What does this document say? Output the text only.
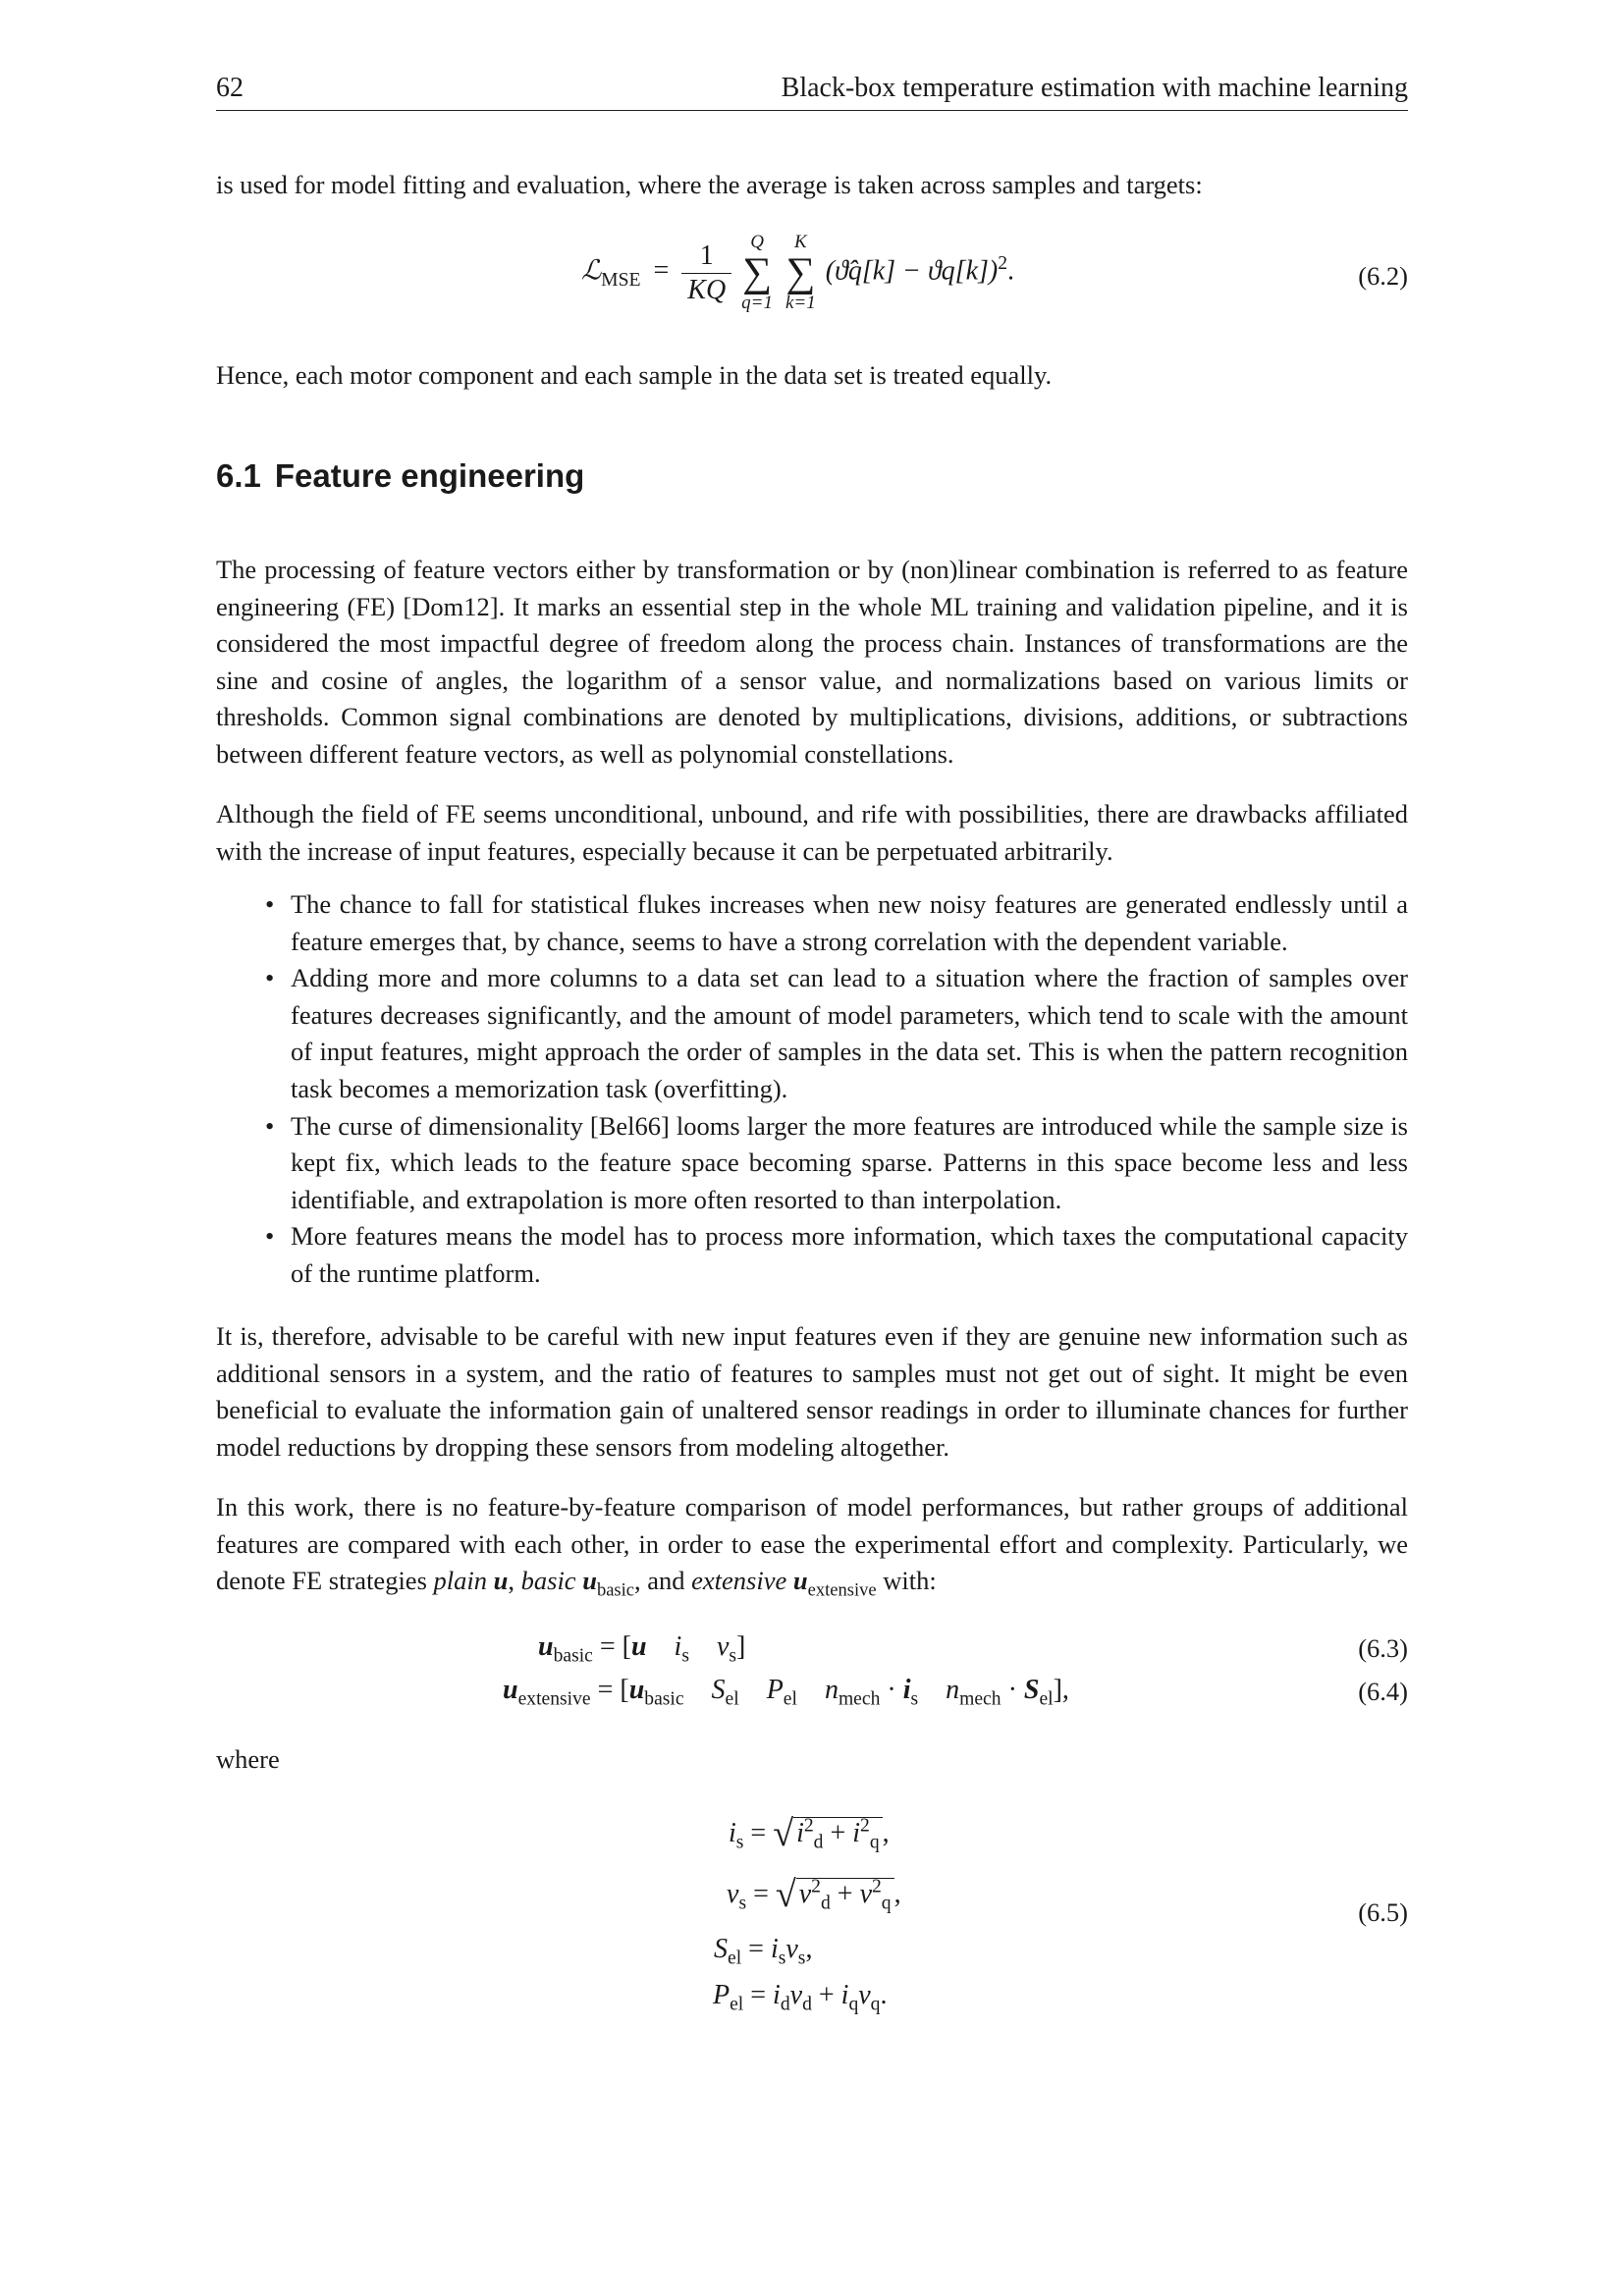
62	Black-box temperature estimation with machine learning

is used for model fitting and evaluation, where the average is taken across samples and targets:

ℒ$_{MSE}$ = $\frac{1}{KQ}$
	Q
∑
q=1

K
∑
k=1
(ϑ̂q[k] − ϑq[k])$^2$.	(6.2)

Hence, each motor component and each sample in the data set is treated equally.

6.1 Feature engineering

The processing of feature vectors either by transformation or by (non)linear combination is referred to as feature engineering (FE) [Dom12]. It marks an essential step in the whole ML training and validation pipeline, and it is considered the most impactful degree of freedom along the process chain. Instances of transformations are the sine and cosine of angles, the logarithm of a sensor value, and normalizations based on various limits or thresholds. Common signal combinations are denoted by multiplications, divisions, additions, or subtractions between different feature vectors, as well as polynomial constellations.

Although the field of FE seems unconditional, unbound, and rife with possibilities, there are drawbacks affiliated with the increase of input features, especially because it can be perpetuated arbitrarily.

• The chance to fall for statistical flukes increases when new noisy features are generated endlessly until a feature emerges that, by chance, seems to have a strong correlation with the dependent variable.
• Adding more and more columns to a data set can lead to a situation where the fraction of samples over features decreases significantly, and the amount of model parameters, which tend to scale with the amount of input features, might approach the order of samples in the data set. This is when the pattern recognition task becomes a memorization task (overfitting).
• The curse of dimensionality [Bel66] looms larger the more features are introduced while the sample size is kept fix, which leads to the feature space becoming sparse. Patterns in this space become less and less identifiable, and extrapolation is more often resorted to than interpolation.
• More features means the model has to process more information, which taxes the computational capacity of the runtime platform.

It is, therefore, advisable to be careful with new input features even if they are genuine new information such as additional sensors in a system, and the ratio of features to samples must not get out of sight. It might be even beneficial to evaluate the information gain of unaltered sensor readings in order to illuminate chances for further model reductions by dropping these sensors from modeling altogether.

In this work, there is no feature-by-feature comparison of model performances, but rather groups of additional features are compared with each other, in order to ease the experimental effort and complexity. Particularly, we denote FE strategies plain u, basic $u_{basic}$, and extensive $u_{extensive}$ with:

$u_{basic} = [u$ $i_s$ $v_s$]	(6.3)
$u_{extensive} = [u_{basic}$ $S_{el}$ $P_{el}$ $n_{mech} \cdot i_s$ $n_{mech} \cdot S_{el}$],	(6.4)

where

$i_s$ = √ $i^2_d + i^2_q$ ,
$v_s$ = √ $v^2_d + v^2_q$ ,
$S_{el} = i_sv_s$,
$P_{el} = i_dv_d + i_qv_q$.
(6.5)
